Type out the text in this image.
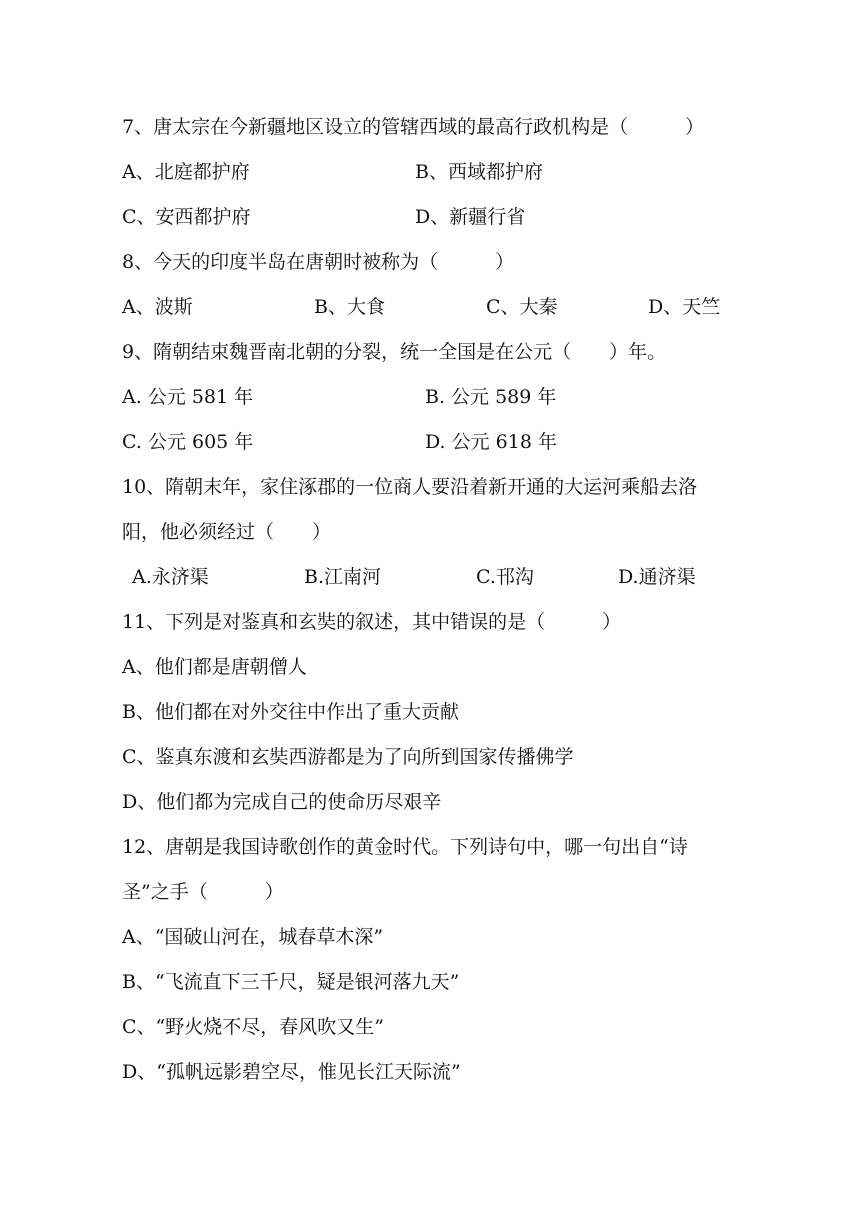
7、唐太宗在今新疆地区设立的管辖西域的最高行政机构是（　　　）
A、北庭都护府	B、西域都护府
C、安西都护府	D、新疆行省
8、今天的印度半岛在唐朝时被称为（　　　）
A、波斯	B、大食	C、大秦	D、天竺
9、隋朝结束魏晋南北朝的分裂，统一全国是在公元（　　）年。
A. 公元 581 年	B. 公元 589 年
C. 公元 605 年	D. 公元 618 年
10、隋朝末年，家住涿郡的一位商人要沿着新开通的大运河乘船去洛
阳，他必须经过（　　）
A.永济渠	B.江南河	C.邗沟	D.通济渠
11、下列是对鉴真和玄奘的叙述，其中错误的是（　　　）
A、他们都是唐朝僧人
B、他们都在对外交往中作出了重大贡献
C、鉴真东渡和玄奘西游都是为了向所到国家传播佛学
D、他们都为完成自己的使命历尽艰辛
12、唐朝是我国诗歌创作的黄金时代。下列诗句中，哪一句出自“诗
圣”之手（　　　）
A、“国破山河在，城春草木深”
B、“飞流直下三千尺，疑是银河落九天”
C、“野火烧不尽，春风吹又生”
D、“孤帆远影碧空尽，惟见长江天际流”
